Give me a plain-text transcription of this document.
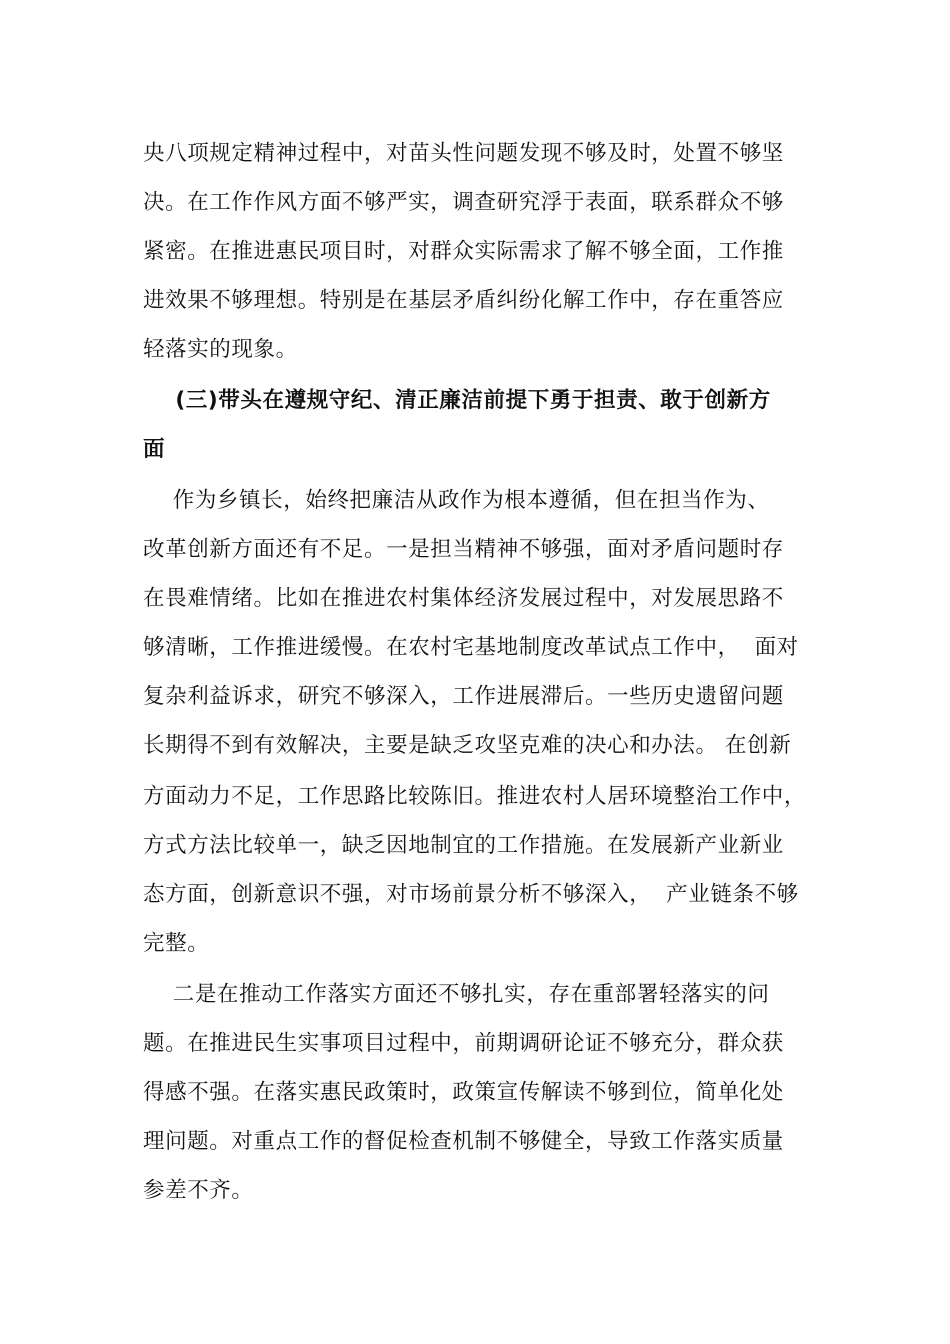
央八项规定精神过程中，对苗头性问题发现不够及时，处置不够坚
决。在工作作风方面不够严实，调查研究浮于表面，联系群众不够
紧密。在推进惠民项目时，对群众实际需求了解不够全面，工作推
进效果不够理想。特别是在基层矛盾纠纷化解工作中，存在重答应
轻落实的现象。
(三)带头在遵规守纪、清正廉洁前提下勇于担责、敢于创新方
面
作为乡镇长，始终把廉洁从政作为根本遵循，但在担当作为、
改革创新方面还有不足。一是担当精神不够强，面对矛盾问题时存
在畏难情绪。比如在推进农村集体经济发展过程中，对发展思路不
够清晰，工作推进缓慢。在农村宅基地制度改革试点工作中，  面对
复杂利益诉求，研究不够深入，工作进展滞后。一些历史遗留问题
长期得不到有效解决，主要是缺乏攻坚克难的决心和办法。 在创新
方面动力不足，工作思路比较陈旧。推进农村人居环境整治工作中，
方式方法比较单一，缺乏因地制宜的工作措施。在发展新产业新业
态方面，创新意识不强，对市场前景分析不够深入，  产业链条不够
完整。
二是在推动工作落实方面还不够扎实，存在重部署轻落实的问
题。在推进民生实事项目过程中，前期调研论证不够充分，群众获
得感不强。在落实惠民政策时，政策宣传解读不够到位，简单化处
理问题。对重点工作的督促检查机制不够健全，导致工作落实质量
参差不齐。
